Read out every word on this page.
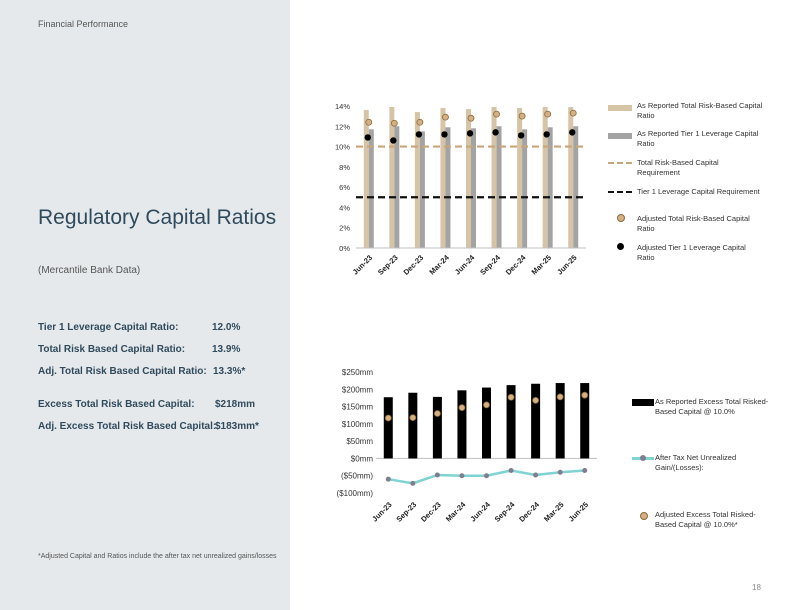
Financial Performance
Regulatory Capital Ratios
(Mercantile Bank Data)
Tier 1 Leverage Capital Ratio:	12.0%
Total Risk Based Capital Ratio:	13.9%
Adj. Total Risk Based Capital Ratio: 13.3%*
Excess Total Risk Based Capital: $218mm
Adj. Excess Total Risk Based Capital:
$183mm*
*Adjusted Capital and Ratios include the after tax net unrealized gains/losses
18
0%
2%
4%
6%
8%
10%
12%
14%
Jun-23 Sep-23 Dec-23 Mar-24 Jun-24 Sep-24 Dec-24 Mar-25 Jun-25
($100mm)
($50mm)
$0mm
$50mm
$100mm
$150mm
$200mm
$250mm
Jun-23 Sep-23 Dec-23 Mar-24 Jun-24 Sep-24 Dec-24 Mar-25 Jun-25
As Reported Total Risk-Based Capital Ratio
As Reported Tier 1 Leverage Capital Ratio
Total Risk-Based Capital Requirement
Tier 1 Leverage Capital Requirement
Adjusted Total Risk-Based Capital Ratio
Adjusted Tier 1 Leverage Capital Ratio
As Reported Excess Total Risked-Based Capital @ 10.0%
After Tax Net Unrealized Gain/(Losses):
Adjusted Excess Total Risked-Based Capital @ 10.0%*
